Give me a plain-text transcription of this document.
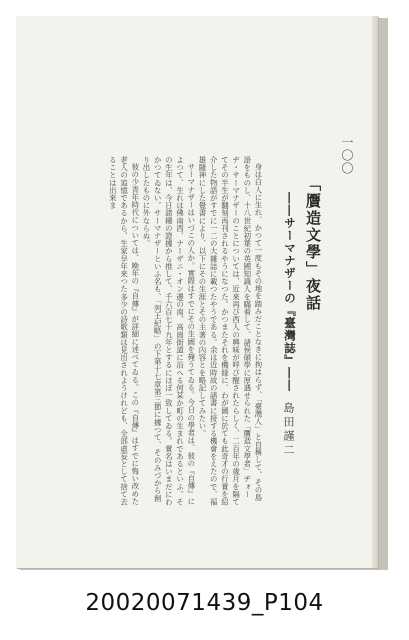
一〇〇
「贋造文學」夜話
――サーマナザーの『臺灣誌』――
島田謹二

身は白人に生れ、かつて一度もその地を踏みだことなきに拘はらず、「臺灣人」と自稱して、その島語をものし、十八世紀初葉の英國知識人を瞞着して、諸侯碩學に厚遇せられた「贋造文學者」ヂォーヂ・サーマナザーのことについては、近來再び西人の興味が呼び醒されたらしく、二百年の歳月を隔ててその半生が翻刻再刊されるやうになつた。かつまたそれを機縁に、わが國に於ても此奇才の行實を紹介した物語がすでに一二の大雜誌に載つたやうである。余は近時故の諸書に接する機會をえたので、福雄隨神にした覺書により、以下にその生涯とその主著の內容とを略記してみたい。

サーマナザーはいづこの人か。實際はすでにその生國を掩うてゐる。今日の學者は、彼の『自傳』によつて、生れは佛南西、ナーザニ・オン邊の南、高崗街道に沿へる何某か町の生まれであるといふ。その生年は、今日諸種の證據から推して、千六百七十九年とするにほぼ一致してゐる。實名はいまだにわかつてゐない。サーマナザーといふ名も、「列王紀略」の下第十七章第三節に據つて、そのみづから創り出したものに外ならぬ。

彼の少青年時代については、晩年の『自傳』が詳細に述べてゐる。この『自傳』はすでに悔い改めた老人の追憶であるから、生家早年来つた多少の詩歌類は見出されようけれども、全部虛妄として捨て去ることは出來ま

20020071439_P104
